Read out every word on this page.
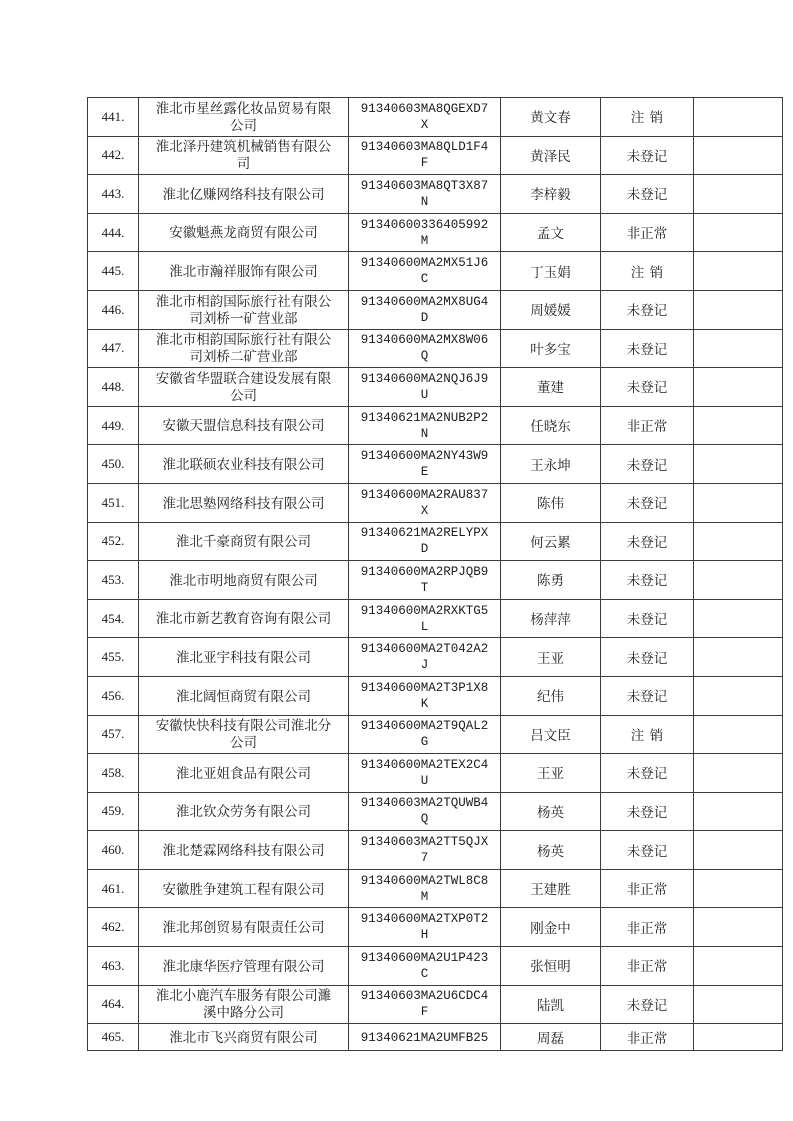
441.	淮北市星丝露化妆品贸易有限公司	91340603MA8QGEXD7X	黄文春	注销	
442.	淮北泽丹建筑机械销售有限公司	91340603MA8QLD1F4F	黄泽民	未登记	
443.	淮北亿赚网络科技有限公司	91340603MA8QT3X87N	李梓毅	未登记	
444.	安徽魁燕龙商贸有限公司	91340600336405992M	孟文	非正常	
445.	淮北市瀚祥服饰有限公司	91340600MA2MX51J6C	丁玉娟	注销	
446.	淮北市相韵国际旅行社有限公司刘桥一矿营业部	91340600MA2MX8UG4D	周媛媛	未登记	
447.	淮北市相韵国际旅行社有限公司刘桥二矿营业部	91340600MA2MX8W06Q	叶多宝	未登记	
448.	安徽省华盟联合建设发展有限公司	91340600MA2NQJ6J9U	董建	未登记	
449.	安徽天盟信息科技有限公司	91340621MA2NUB2P2N	任晓东	非正常	
450.	淮北联硕农业科技有限公司	91340600MA2NY43W9E	王永坤	未登记	
451.	淮北思塾网络科技有限公司	91340600MA2RAU837X	陈伟	未登记	
452.	淮北千豪商贸有限公司	91340621MA2RELYPXD	何云累	未登记	
453.	淮北市明地商贸有限公司	91340600MA2RPJQB9T	陈勇	未登记	
454.	淮北市新艺教育咨询有限公司	91340600MA2RXKTG5L	杨萍萍	未登记	
455.	淮北亚宇科技有限公司	91340600MA2T042A2J	王亚	未登记	
456.	淮北阔恒商贸有限公司	91340600MA2T3P1X8K	纪伟	未登记	
457.	安徽快快科技有限公司淮北分公司	91340600MA2T9QAL2G	吕文臣	注销	
458.	淮北亚姐食品有限公司	91340600MA2TEX2C4U	王亚	未登记	
459.	淮北钦众劳务有限公司	91340603MA2TQUWB4Q	杨英	未登记	
460.	淮北楚霖网络科技有限公司	91340603MA2TT5QJX7	杨英	未登记	
461.	安徽胜争建筑工程有限公司	91340600MA2TWL8C8M	王建胜	非正常	
462.	淮北邦创贸易有限责任公司	91340600MA2TXP0T2H	刚金中	非正常	
463.	淮北康华医疗管理有限公司	91340600MA2U1P423C	张恒明	非正常	
464.	淮北小鹿汽车服务有限公司濉溪中路分公司	91340603MA2U6CDC4F	陆凯	未登记	
465.	淮北市飞兴商贸有限公司	91340621MA2UMFB25	周磊	非正常	
